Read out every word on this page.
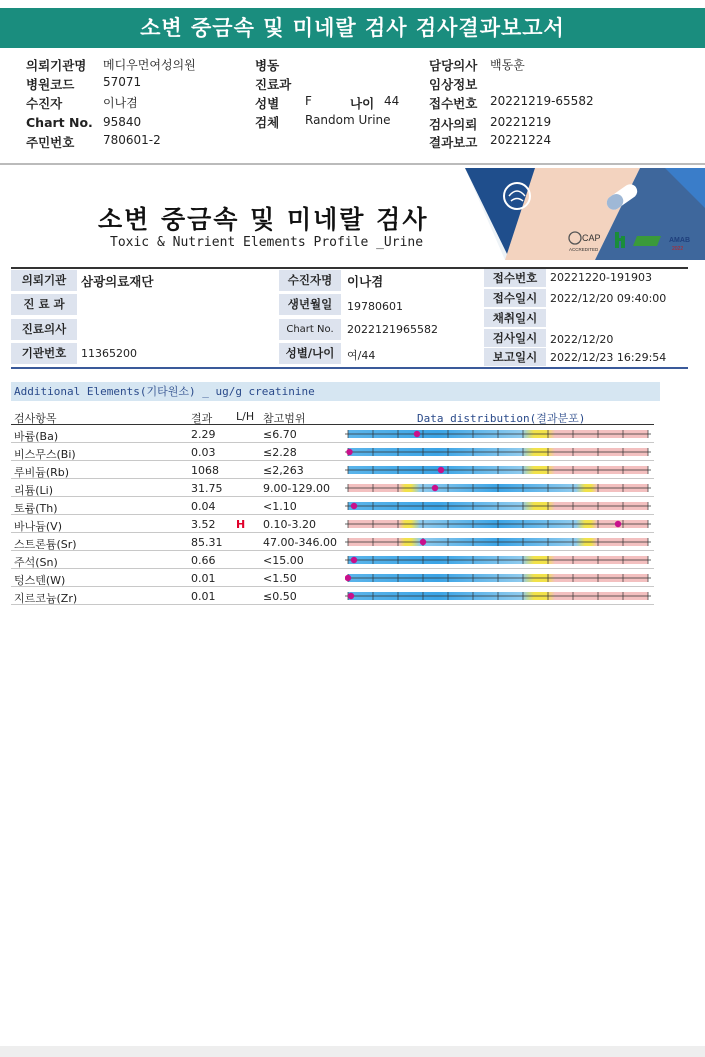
소변 중금속 및 미네랄 검사 검사결과보고서
의뢰기관명 메디우먼여성의원
병원코드 57071
수진자	이나겸
Chart No. 95840
주민번호 780601-2
병동
진료과
성별 F
검체 Random Urine
나이 44
담당의사 백동훈
임상정보
접수번호 20221219-65582
검사의뢰 20221219
결과보고 20221224
소변 중금속 및 미네랄 검사
Toxic & Nutrient Elements Profile _Urine	CAP
ACCREDITED
AMAB
2022
의뢰기관	삼광의료재단
진 료 과
진료의사
기관번호	11365200
수진자명	이나겸
생년월일	19780601
Chart No.	2022121965582
성별/나이	여/44
접수번호	20221220-191903
접수일시	2022/12/20 09:40:00
채취일시
검사일시	2022/12/20
보고일시	2022/12/23 16:29:54
Additional Elements(기타원소) _ ug/g creatinine
검사항목	결과 L/H 참고범위	Data distribution(결과분포)
바륨(Ba)	2.29	≤6.70
비스무스(Bi)	0.03	≤2.28
루비듐(Rb)	1068	≤2,263
리튬(Li)	31.75	9.00-129.00
토륨(Th)	0.04	<1.10
바나듐(V)	3.52 H 0.10-3.20
스트론튬(Sr)	85.31	47.00-346.00
주석(Sn)	0.66	<15.00
텅스텐(W)	0.01	<1.50
지르코늄(Zr)	0.01	≤0.50
